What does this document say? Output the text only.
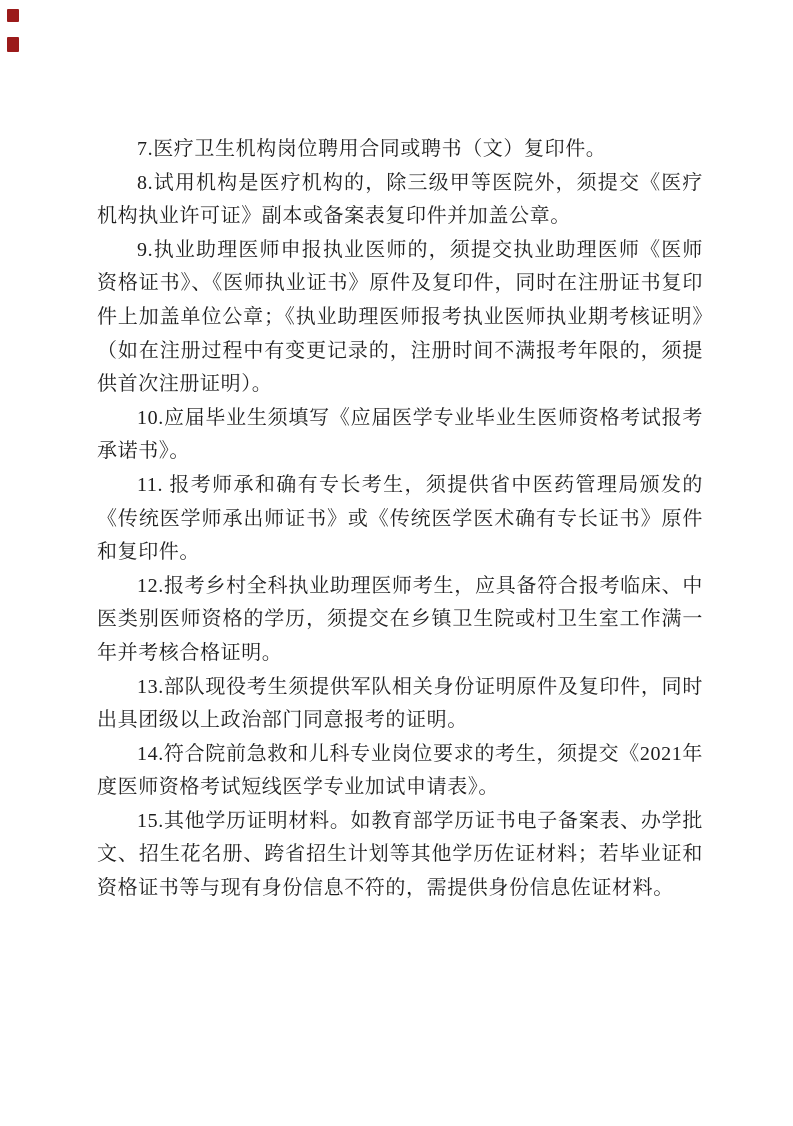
7.医疗卫生机构岗位聘用合同或聘书（文）复印件。

8.试用机构是医疗机构的，除三级甲等医院外，须提交《医疗机构执业许可证》副本或备案表复印件并加盖公章。

9.执业助理医师申报执业医师的，须提交执业助理医师《医师资格证书》、《医师执业证书》原件及复印件，同时在注册证书复印件上加盖单位公章；《执业助理医师报考执业医师执业期考核证明》（如在注册过程中有变更记录的，注册时间不满报考年限的，须提供首次注册证明）。

10.应届毕业生须填写《应届医学专业毕业生医师资格考试报考承诺书》。

11. 报考师承和确有专长考生，须提供省中医药管理局颁发的《传统医学师承出师证书》或《传统医学医术确有专长证书》原件和复印件。

12.报考乡村全科执业助理医师考生，应具备符合报考临床、中医类别医师资格的学历，须提交在乡镇卫生院或村卫生室工作满一年并考核合格证明。

13.部队现役考生须提供军队相关身份证明原件及复印件，同时出具团级以上政治部门同意报考的证明。

14.符合院前急救和儿科专业岗位要求的考生，须提交《2021年度医师资格考试短线医学专业加试申请表》。

15.其他学历证明材料。如教育部学历证书电子备案表、办学批文、招生花名册、跨省招生计划等其他学历佐证材料；若毕业证和资格证书等与现有身份信息不符的，需提供身份信息佐证材料。
